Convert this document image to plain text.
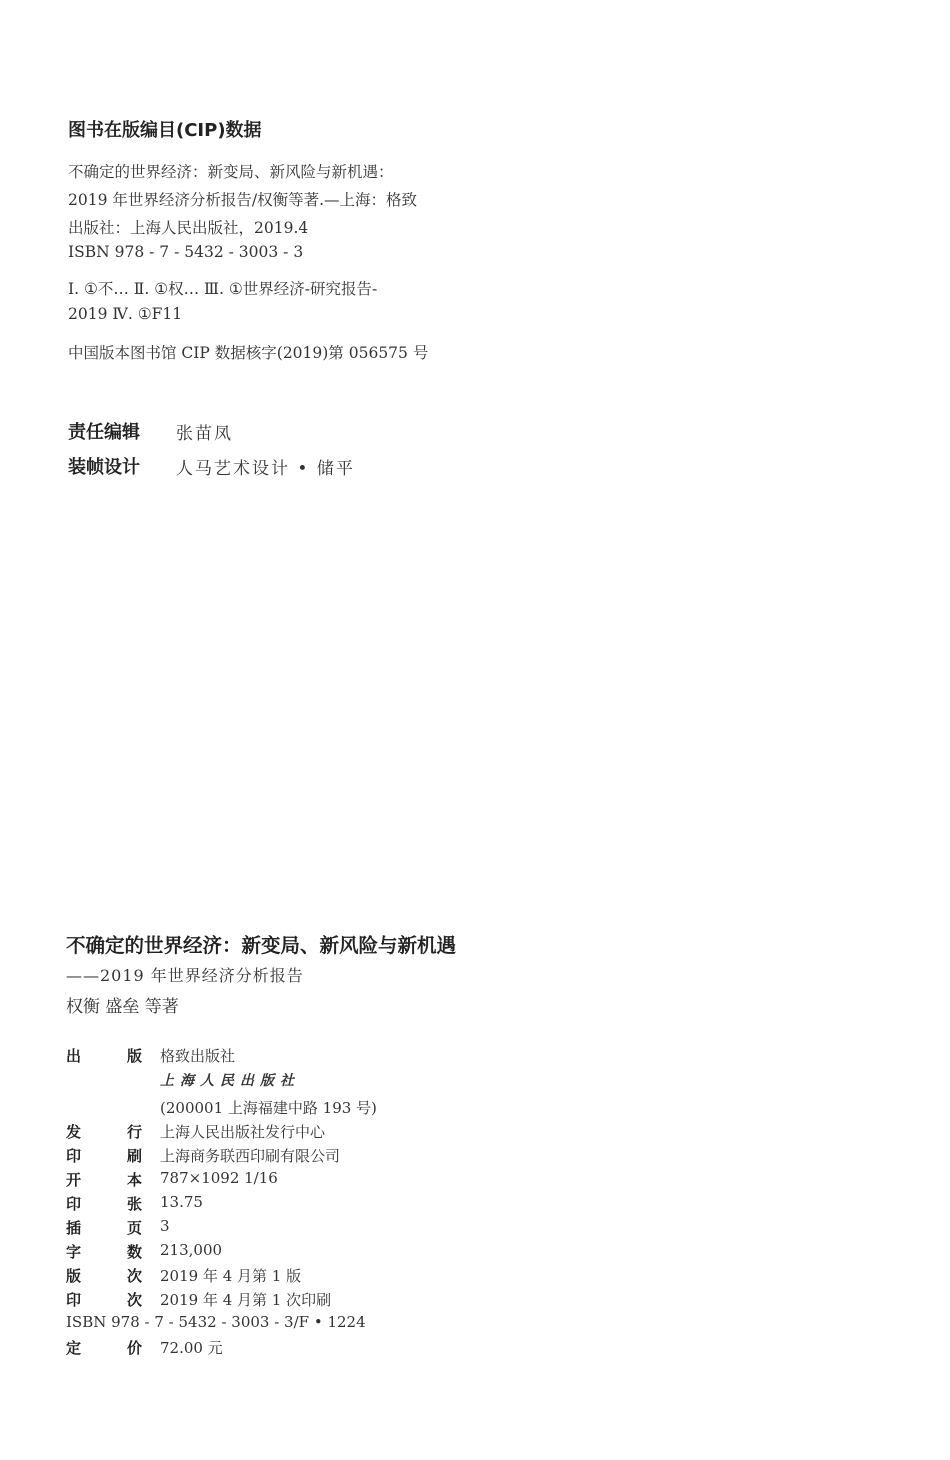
图书在版编目(CIP)数据
不确定的世界经济：新变局、新风险与新机遇：
2019 年世界经济分析报告/权衡等著.—上海：格致
出版社：上海人民出版社，2019.4
ISBN 978 - 7 - 5432 - 3003 - 3
Ⅰ. ①不… Ⅱ. ①权… Ⅲ. ①世界经济-研究报告-
2019 Ⅳ. ①F11
中国版本图书馆 CIP 数据核字(2019)第 056575 号
责任编辑 张苗凤
装帧设计 人马艺术设计 • 储平
不确定的世界经济：新变局、新风险与新机遇
——2019 年世界经济分析报告
权衡 盛垒 等著
出	版 格致出版社
上海人民出版社
(200001 上海福建中路 193 号)
发	行 上海人民出版社发行中心
印	刷 上海商务联西印刷有限公司
开	本 787×1092 1/16
印	张 13.75
插	页 3
字	数 213,000
版	次 2019 年 4 月第 1 版
印	次 2019 年 4 月第 1 次印刷
ISBN 978 - 7 - 5432 - 3003 - 3/F • 1224
定	价 72.00 元
